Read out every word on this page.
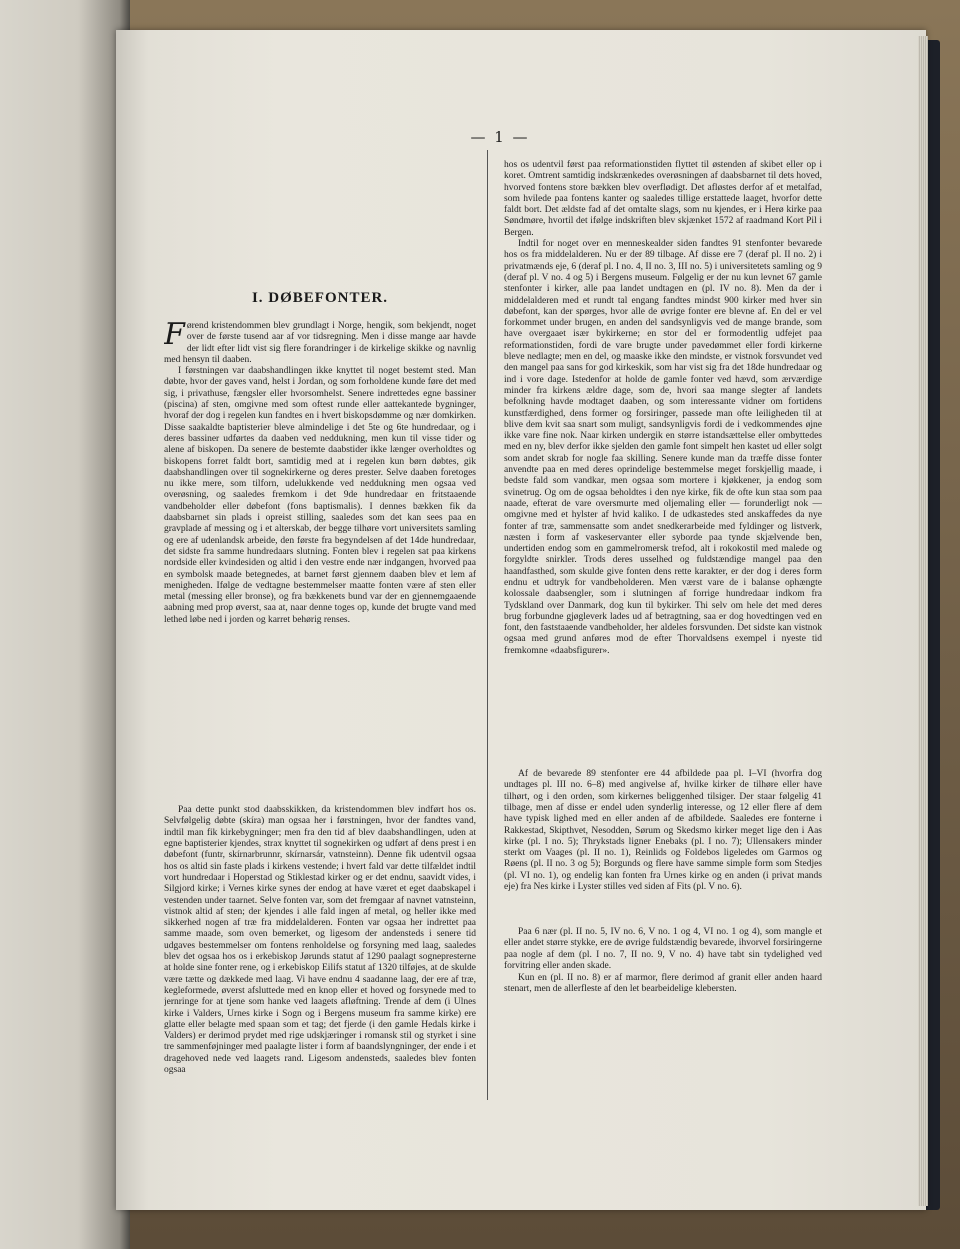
— 1 —
I. DØBEFONTER.

Førend kristendommen blev grundlagt i Norge, hengik, som bekjendt, noget over de første tusend aar af vor tidsregning. Men i disse mange aar havde der lidt efter lidt vist sig flere forandringer i de kirkelige skikke og navnlig med hensyn til daaben.

I førstningen var daabshandlingen ikke knyttet til noget bestemt sted. Man døbte, hvor der gaves vand, helst i Jordan, og som forholdene kunde føre det med sig, i privathuse, fængsler eller hvorsomhelst. Senere indrettedes egne bassiner (piscina) af sten, omgivne med som oftest runde eller aattekantede bygninger, hvoraf der dog i regelen kun fandtes en i hvert biskopsdømme og nær domkirken. Disse saakaldte baptisterier bleve almindelige i det 5te og 6te hundredaar, og i deres bassiner udførtes da daaben ved neddukning, men kun til visse tider og alene af biskopen. Da senere de bestemte daabstider ikke længer overholdtes og biskopens forret faldt bort, samtidig med at i regelen kun børn døbtes, gik daabshandlingen over til sognekirkerne og deres prester. Selve daaben foretoges nu ikke mere, som tilforn, udelukkende ved neddukning men ogsaa ved overøsning, og saaledes fremkom i det 9de hundredaar en fritstaaende vandbeholder eller døbefont (fons baptismalis). I dennes bækken fik da daabsbarnet sin plads i opreist stilling, saaledes som det kan sees paa en gravplade af messing og i et alterskab, der begge tilhøre vort universitets samling og ere af udenlandsk arbeide, den første fra begyndelsen af det 14de hundredaar, det sidste fra samme hundredaars slutning. Fonten blev i regelen sat paa kirkens nordside eller kvindesiden og altid i den vestre ende nær indgangen, hvorved paa en symbolsk maade betegnedes, at barnet først gjennem daaben blev et lem af menigheden. Ifølge de vedtagne bestemmelser maatte fonten være af sten eller metal (messing eller bronse), og fra bækkenets bund var der en gjennemgaaende aabning med prop øverst, saa at, naar denne toges op, kunde det brugte vand med lethed løbe ned i jorden og karret behørig renses.

Paa dette punkt stod daabsskikken, da kristendommen blev indført hos os. Selvfølgelig døbte (skíra) man ogsaa her i førstningen, hvor der fandtes vand, indtil man fik kirkebygninger; men fra den tid af blev daabshandlingen, uden at egne baptisterier kjendes, strax knyttet til sognekirken og udført af dens prest i en døbefont (funtr, skírnarbrunnr, skírnarsár, vatnsteinn). Denne fik udentvil ogsaa hos os altid sin faste plads i kirkens vestende; i hvert fald var dette tilfældet indtil vort hundredaar i Hoperstad og Stiklestad kirker og er det endnu, saavidt vides, i Silgjord kirke; i Vernes kirke synes der endog at have været et eget daabskapel i vestenden under taarnet. Selve fonten var, som det fremgaar af navnet vatnsteinn, vistnok altid af sten; der kjendes i alle fald ingen af metal, og heller ikke med sikkerhed nogen af træ fra middelalderen. Fonten var ogsaa her indrettet paa samme maade, som oven bemerket, og ligesom der andensteds i senere tid udgaves bestemmelser om fontens renholdelse og forsyning med laag, saaledes blev det ogsaa hos os i erkebiskop Jørunds statut af 1290 paalagt sognepresterne at holde sine fonter rene, og i erkebiskop Eilifs statut af 1320 tilføjes, at de skulde være tætte og dækkede med laag. Vi have endnu 4 saadanne laag, der ere af træ, kegleformede, øverst afsluttede med en knop eller et hoved og forsynede med to jernringe for at tjene som hanke ved laagets afløftning. Trende af dem (i Ulnes kirke i Valders, Urnes kirke i Sogn og i Bergens museum fra samme kirke) ere glatte eller belagte med spaan som et tag; det fjerde (i den gamle Hedals kirke i Valders) er derimod prydet med rige udskjæringer i romansk stil og styrket i sine tre sammenføjninger med paalagte lister i form af baandslyngninger, der ende i et dragehoved nede ved laagets rand. Ligesom andensteds, saaledes blev fonten ogsaa

hos os udentvil først paa reformationstiden flyttet til østenden af skibet eller op i koret. Omtrent samtidig indskrænkedes overøsningen af daabsbarnet til dets hoved, hvorved fontens store bækken blev overflødigt. Det afløstes derfor af et metalfad, som hvilede paa fontens kanter og saaledes tillige erstattede laaget, hvorfor dette faldt bort. Det ældste fad af det omtalte slags, som nu kjendes, er i Herø kirke paa Søndmøre, hvortil det ifølge indskriften blev skjænket 1572 af raadmand Kort Pil i Bergen.

Indtil for noget over en menneskealder siden fandtes 91 stenfonter bevarede hos os fra middelalderen. Nu er der 89 tilbage. Af disse ere 7 (deraf pl. II no. 2) i privatmænds eje, 6 (deraf pl. I no. 4, II no. 3, III no. 5) i universitetets samling og 9 (deraf pl. V no. 4 og 5) i Bergens museum. Følgelig er der nu kun levnet 67 gamle stenfonter i kirker, alle paa landet undtagen en (pl. IV no. 8). Men da der i middelalderen med et rundt tal engang fandtes mindst 900 kirker med hver sin døbefont, kan der spørges, hvor alle de øvrige fonter ere blevne af. En del er vel forkommet under brugen, en anden del sandsynligvis ved de mange brande, som have overgaaet især bykirkerne; en stor del er formodentlig udfejet paa reformationstiden, fordi de vare brugte under pavedømmet eller fordi kirkerne bleve nedlagte; men en del, og maaske ikke den mindste, er vistnok forsvundet ved den mangel paa sans for god kirkeskik, som har vist sig fra det 18de hundredaar og ind i vore dage. Istedenfor at holde de gamle fonter ved hævd, som ærværdige minder fra kirkens ældre dage, som de, hvori saa mange slegter af landets befolkning havde modtaget daaben, og som interessante vidner om fortidens kunstfærdighed, dens former og forsiringer, passede man ofte leiligheden til at blive dem kvit saa snart som muligt, sandsynligvis fordi de i vedkommendes øjne ikke vare fine nok. Naar kirken undergik en større istandsættelse eller ombyttedes med en ny, blev derfor ikke sjelden den gamle font simpelt hen kastet ud eller solgt som andet skrab for nogle faa skilling. Senere kunde man da træffe disse fonter anvendte paa en med deres oprindelige bestemmelse meget forskjellig maade, i bedste fald som vandkar, men ogsaa som mortere i kjøkkener, ja endog som svinetrug. Og om de ogsaa beholdtes i den nye kirke, fik de ofte kun staa som paa naade, efterat de vare oversmurte med oljemaling eller — forunderligt nok — omgivne med et hylster af hvid kaliko. I de udkastedes sted anskaffedes da nye fonter af træ, sammensatte som andet snedkerarbeide med fyldinger og listverk, næsten i form af vaskeservanter eller syborde paa tynde skjælvende ben, undertiden endog som en gammelromersk trefod, alt i rokokostil med malede og forgyldte snirkler. Trods deres usselhed og fuldstændige mangel paa den haandfasthed, som skulde give fonten dens rette karakter, er der dog i deres form endnu et udtryk for vandbeholderen. Men værst vare de i balanse ophængte kolossale daabsengler, som i slutningen af forrige hundredaar indkom fra Tydskland over Danmark, dog kun til bykirker. Thi selv om hele det med deres brug forbundne gjøgleverk lades ud af betragtning, saa er dog hovedtingen ved en font, den faststaaende vandbeholder, her aldeles forsvunden. Det sidste kan vistnok ogsaa med grund anføres mod de efter Thorvaldsens exempel i nyeste tid fremkomne «daabsfigurer».

Af de bevarede 89 stenfonter ere 44 afbildede paa pl. I–VI (hvorfra dog undtages pl. III no. 6–8) med angivelse af, hvilke kirker de tilhøre eller have tilhørt, og i den orden, som kirkernes beliggenhed tilsiger. Der staar følgelig 41 tilbage, men af disse er endel uden synderlig interesse, og 12 eller flere af dem have typisk lighed med en eller anden af de afbildede. Saaledes ere fonterne i Rakkestad, Skipthvet, Nesodden, Sørum og Skedsmo kirker meget lige den i Aas kirke (pl. I no. 5); Thrykstads ligner Enebaks (pl. I no. 7); Ullensakers minder sterkt om Vaages (pl. II no. 1), Reinlids og Foldebos ligeledes om Garmos og Røens (pl. II no. 3 og 5); Borgunds og flere have samme simple form som Stedjes (pl. VI no. 1), og endelig kan fonten fra Urnes kirke og en anden (i privat mands eje) fra Nes kirke i Lyster stilles ved siden af Fits (pl. V no. 6).

Paa 6 nær (pl. II no. 5, IV no. 6, V no. 1 og 4, VI no. 1 og 4), som mangle et eller andet større stykke, ere de øvrige fuldstændig bevarede, ihvorvel forsiringerne paa nogle af dem (pl. I no. 7, II no. 9, V no. 4) have tabt sin tydelighed ved forvitring eller anden skade.

Kun en (pl. II no. 8) er af marmor, flere derimod af granit eller anden haard stenart, men de allerfleste af den let bearbeidelige klebersten.
